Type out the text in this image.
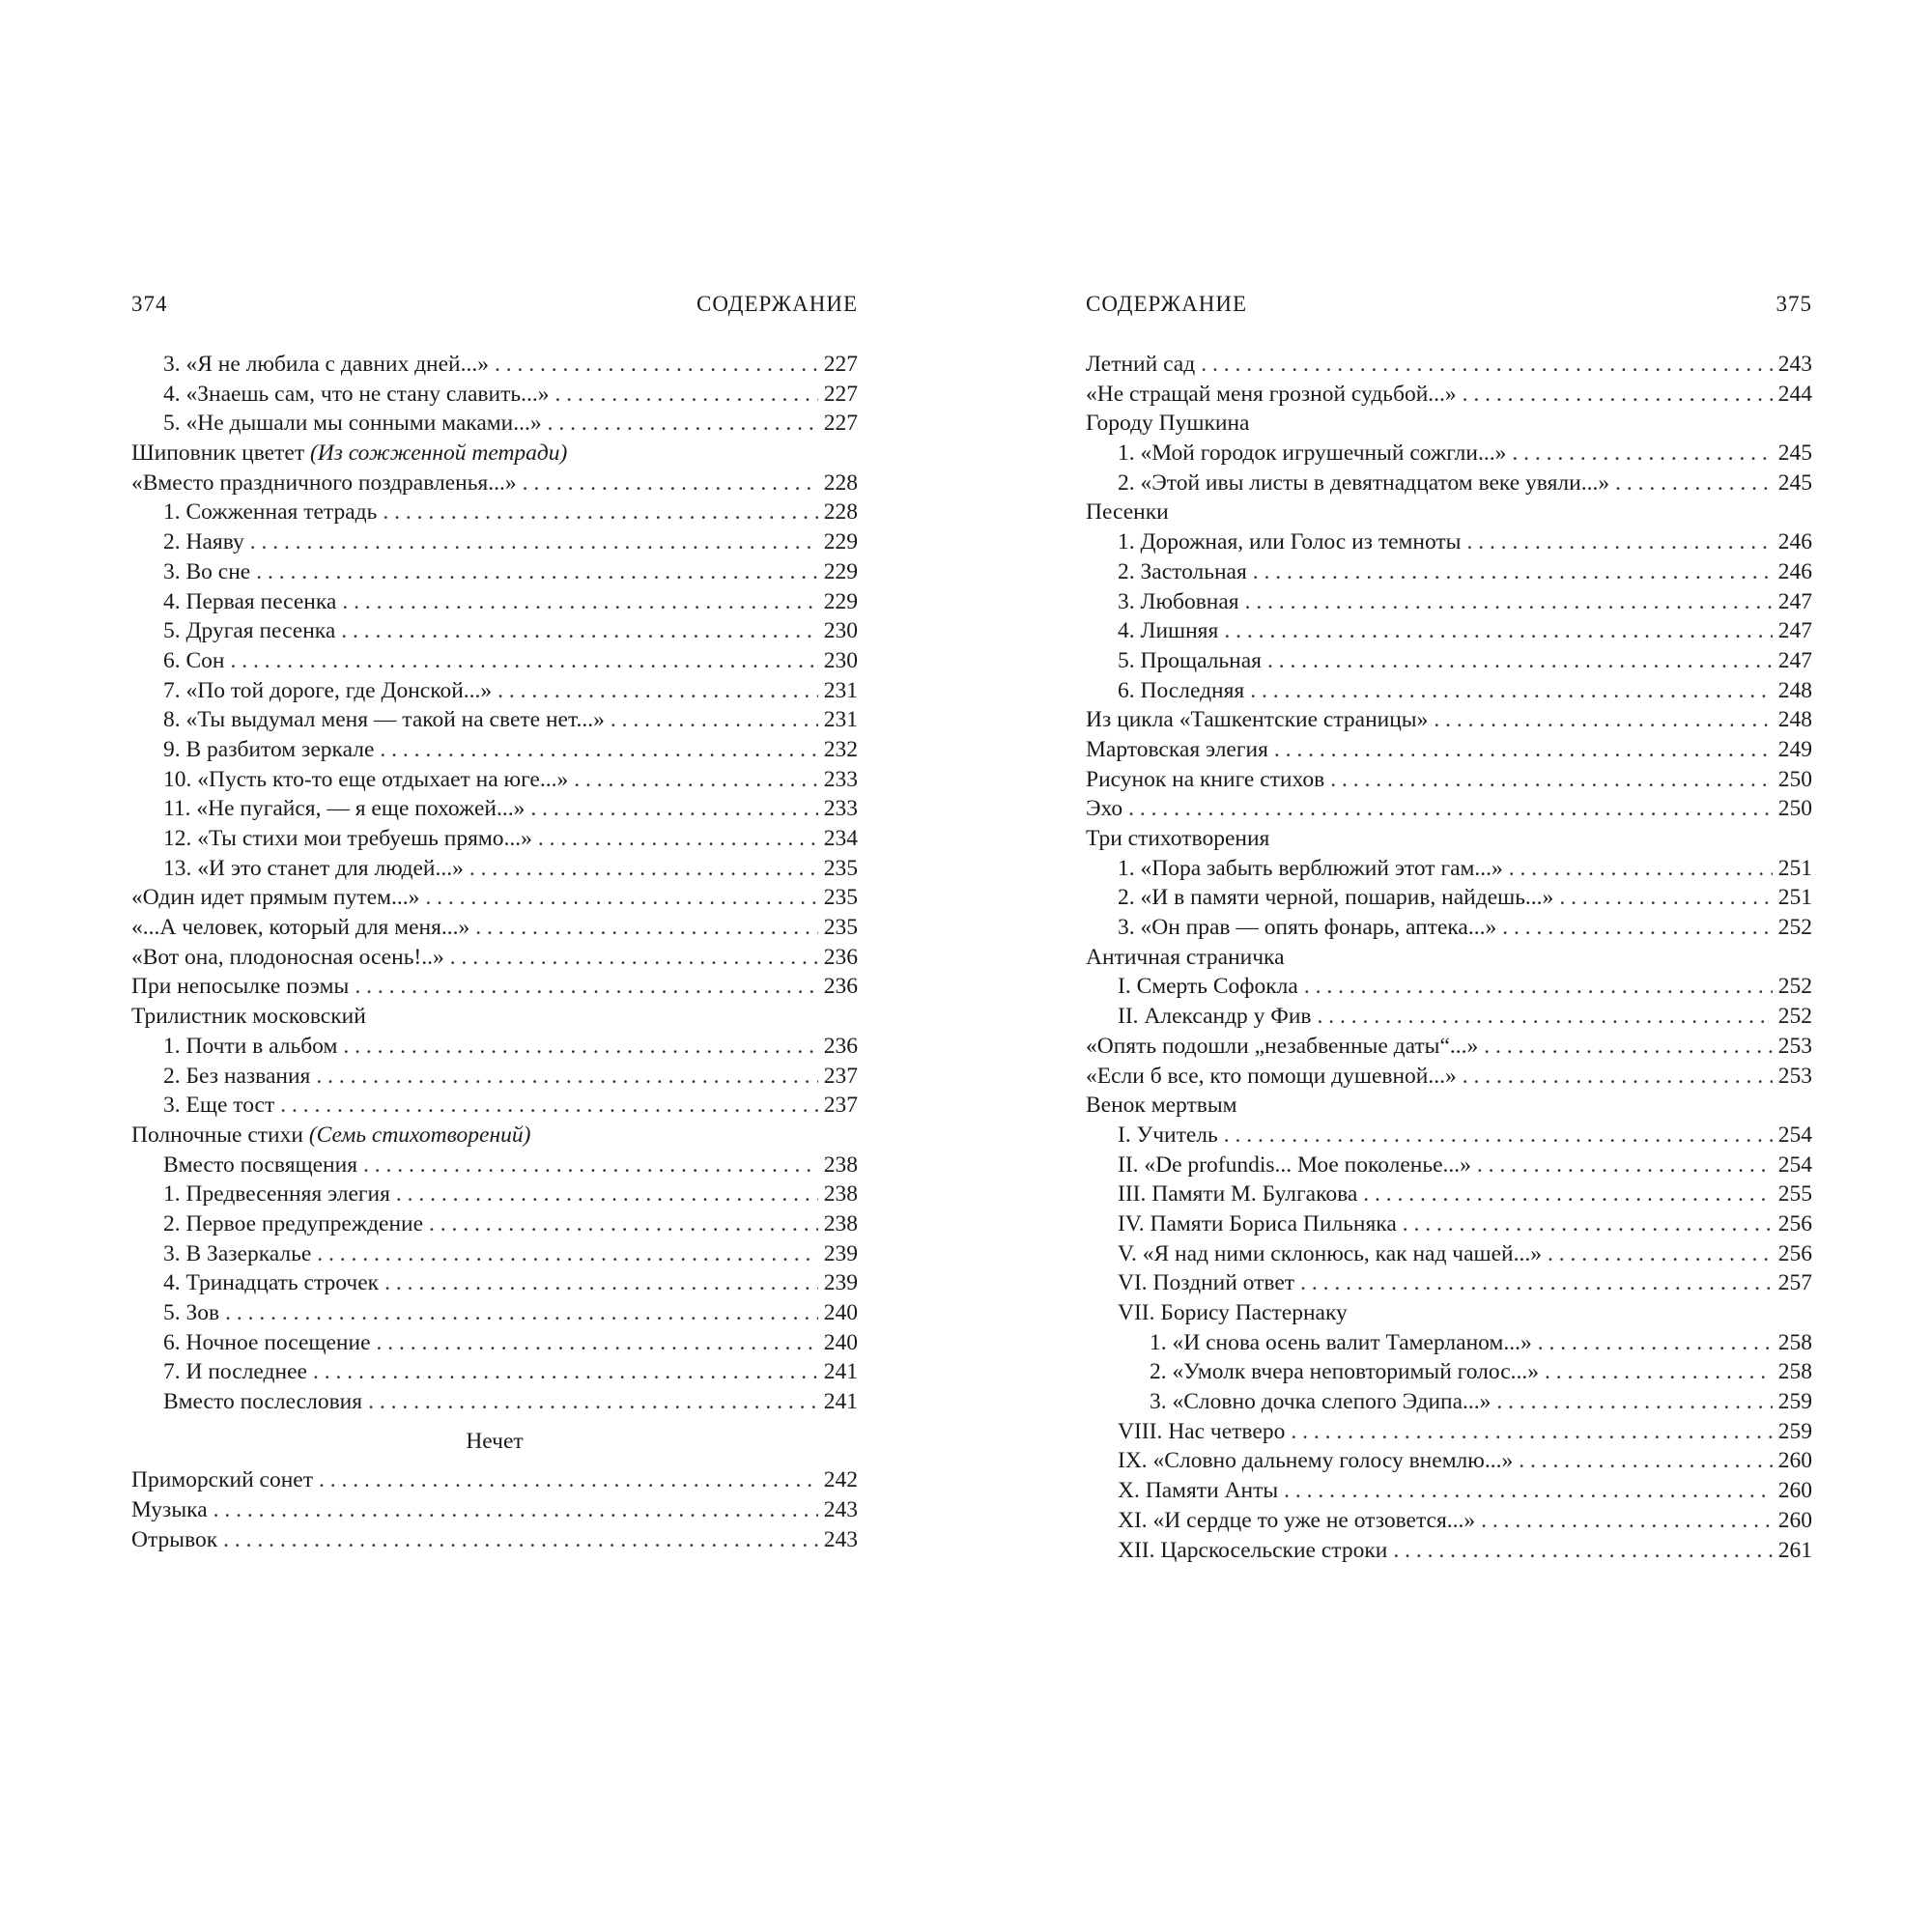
374	СОДЕРЖАНИЕ
3. «Я не любила с давних дней...» . . .	227
4. «Знаешь сам, что не стану славить...» . . .	227
5. «Не дышали мы сонными маками...» . . .	227
Шиповник цветет (Из сожженной тетради)
«Вместо праздничного поздравленья...» . . .	228
1. Сожженная тетрадь . . .	228
2. Наяву . . .	229
3. Во сне . . .	229
4. Первая песенка . . .	229
5. Другая песенка . . .	230
6. Сон . . .	230
7. «По той дороге, где Донской...» . . .	231
8. «Ты выдумал меня — такой на свете нет...» . . .	231
9. В разбитом зеркале . . .	232
10. «Пусть кто-то еще отдыхает на юге...» . . .	233
11. «Не пугайся, — я еще похожей...» . . .	233
12. «Ты стихи мои требуешь прямо...» . . .	234
13. «И это станет для людей...» . . .	235
«Один идет прямым путем...» . . .	235
«...А человек, который для меня...» . . .	235
«Вот она, плодоносная осень!..» . . .	236
При непосылке поэмы . . .	236
Трилистник московский
1. Почти в альбом . . .	236
2. Без названия . . .	237
3. Еще тост . . .	237
Полночные стихи (Семь стихотворений)
Вместо посвящения . . .	238
1. Предвесенняя элегия . . .	238
2. Первое предупреждение . . .	238
3. В Зазеркалье . . .	239
4. Тринадцать строчек . . .	239
5. Зов . . .	240
6. Ночное посещение . . .	240
7. И последнее . . .	241
Вместо послесловия . . .	241
Нечет
Приморский сонет . . .	242
Музыка . . .	243
Отрывок . . .	243
СОДЕРЖАНИЕ	375
Летний сад . . .	243
«Не стращай меня грозной судьбой...» . . .	244
Городу Пушкина
1. «Мой городок игрушечный сожгли...» . . .	245
2. «Этой ивы листы в девятнадцатом веке увяли...» . . .	245
Песенки
1. Дорожная, или Голос из темноты . . .	246
2. Застольная . . .	246
3. Любовная . . .	247
4. Лишняя . . .	247
5. Прощальная . . .	247
6. Последняя . . .	248
Из цикла «Ташкентские страницы» . . .	248
Мартовская элегия . . .	249
Рисунок на книге стихов . . .	250
Эхо . . .	250
Три стихотворения
1. «Пора забыть верблюжий этот гам...» . . .	251
2. «И в памяти черной, пошарив, найдешь...» . . .	251
3. «Он прав — опять фонарь, аптека...» . . .	252
Античная страничка
I. Смерть Софокла . . .	252
II. Александр у Фив . . .	252
«Опять подошли „незабвенные даты“...» . . .	253
«Если б все, кто помощи душевной...» . . .	253
Венок мертвым
I. Учитель . . .	254
II. «De profundis... Мое поколенье...» . . .	254
III. Памяти М. Булгакова . . .	255
IV. Памяти Бориса Пильняка . . .	256
V. «Я над ними склонюсь, как над чашей...» . . .	256
VI. Поздний ответ . . .	257
VII. Борису Пастернаку
1. «И снова осень валит Тамерланом...» . . .	258
2. «Умолк вчера неповторимый голос...» . . .	258
3. «Словно дочка слепого Эдипа...» . . .	259
VIII. Нас четверо . . .	259
IX. «Словно дальнему голосу внемлю...» . . .	260
X. Памяти Анты . . .	260
XI. «И сердце то уже не отзовется...» . . .	260
XII. Царскосельские строки . . .	261
